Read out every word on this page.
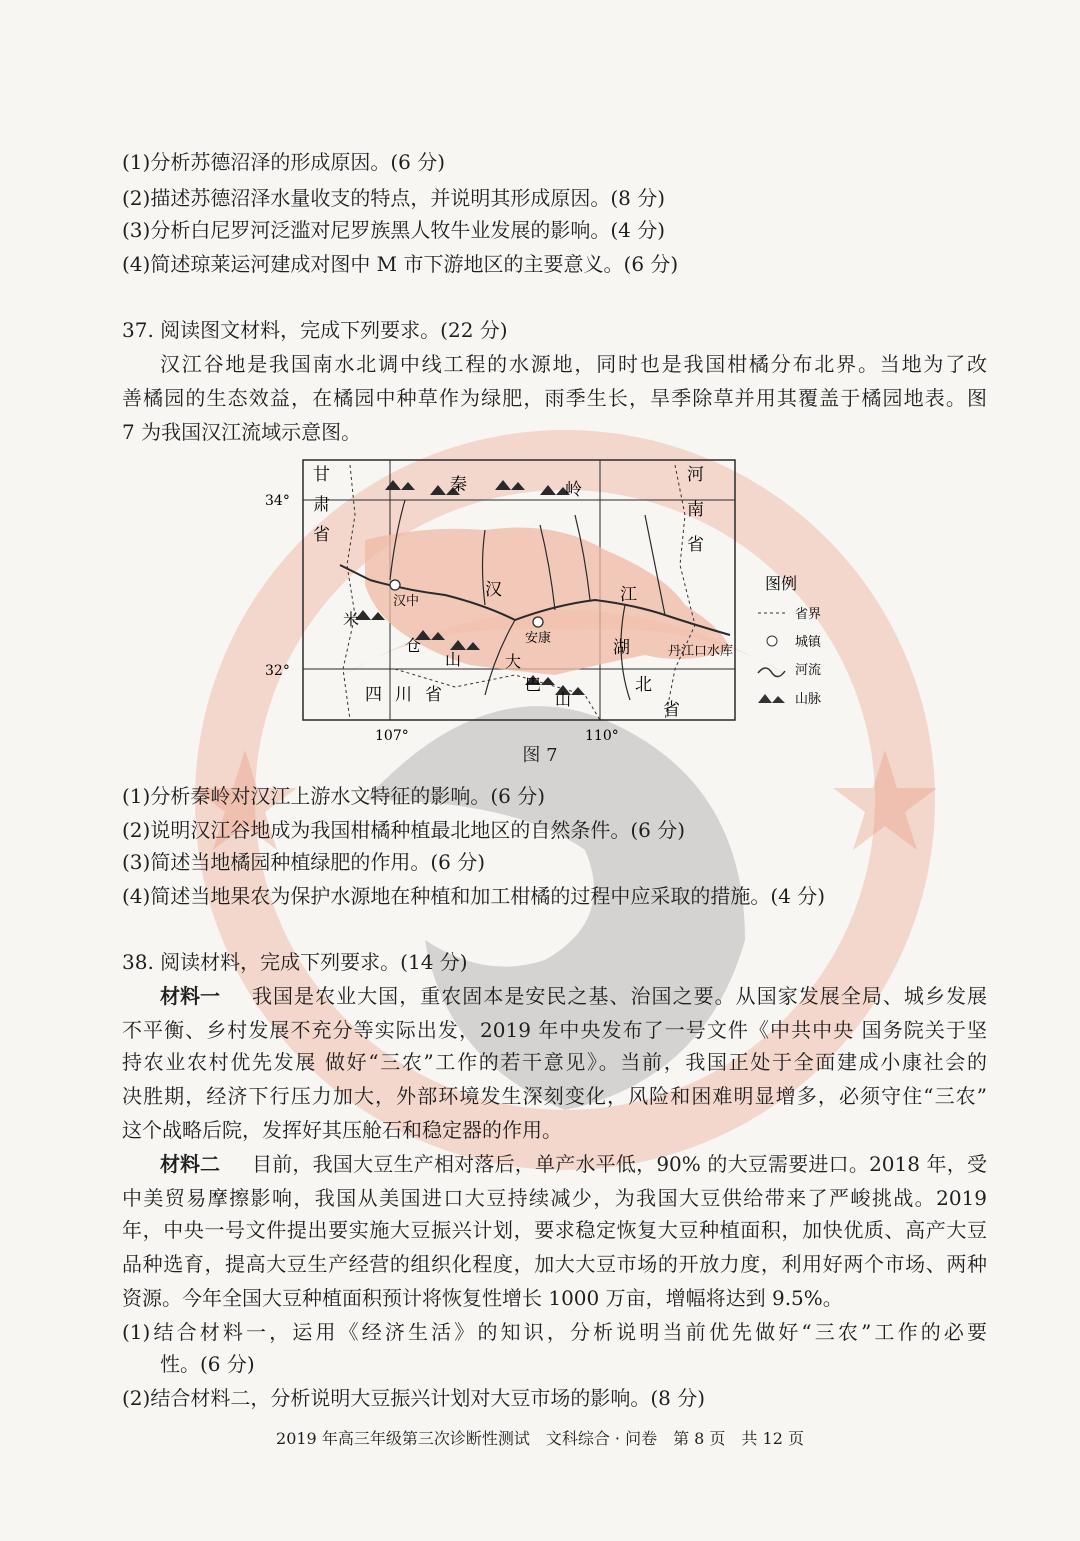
(1)分析苏德沼泽的形成原因。(6 分)
(2)描述苏德沼泽水量收支的特点，并说明其形成原因。(8 分)
(3)分析白尼罗河泛滥对尼罗族黑人牧牛业发展的影响。(4 分)
(4)简述琼莱运河建成对图中 M 市下游地区的主要意义。(6 分)
37. 阅读图文材料，完成下列要求。(22 分)
汉江谷地是我国南水北调中线工程的水源地，同时也是我国柑橘分布北界。当地为了改
善橘园的生态效益，在橘园中种草作为绿肥，雨季生长，旱季除草并用其覆盖于橘园地表。图
7 为我国汉江流域示意图。
34°
32°
107°	110°
甘
肃
省
河
南
省
四 川 省
湖
北
省
秦	岭
米
仓
山	大
巴
山
汉	江
汉中
安康
丹江口水库
图例
省界
城镇
河流
山脉
图 7
(1)分析秦岭对汉江上游水文特征的影响。(6 分)
(2)说明汉江谷地成为我国柑橘种植最北地区的自然条件。(6 分)
(3)简述当地橘园种植绿肥的作用。(6 分)
(4)简述当地果农为保护水源地在种植和加工柑橘的过程中应采取的措施。(4 分)
38. 阅读材料，完成下列要求。(14 分)
材料一 我国是农业大国，重农固本是安民之基、治国之要。从国家发展全局、城乡发展
不平衡、乡村发展不充分等实际出发，2019 年中央发布了一号文件《中共中央 国务院关于坚
持农业农村优先发展 做好“三农”工作的若干意见》。当前，我国正处于全面建成小康社会的
决胜期，经济下行压力加大，外部环境发生深刻变化，风险和困难明显增多，必须守住“三农”
这个战略后院，发挥好其压舱石和稳定器的作用。
材料二 目前，我国大豆生产相对落后，单产水平低，90% 的大豆需要进口。2018 年，受
中美贸易摩擦影响，我国从美国进口大豆持续减少，为我国大豆供给带来了严峻挑战。2019
年，中央一号文件提出要实施大豆振兴计划，要求稳定恢复大豆种植面积，加快优质、高产大豆
品种选育，提高大豆生产经营的组织化程度，加大大豆市场的开放力度，利用好两个市场、两种
资源。今年全国大豆种植面积预计将恢复性增长 1000 万亩，增幅将达到 9.5%。
(1)结合材料一，运用《经济生活》的知识，分析说明当前优先做好“三农”工作的必要
性。(6 分)
(2)结合材料二，分析说明大豆振兴计划对大豆市场的影响。(8 分)
2019 年高三年级第三次诊断性测试　文科综合 · 问卷　第 8 页　共 12 页
